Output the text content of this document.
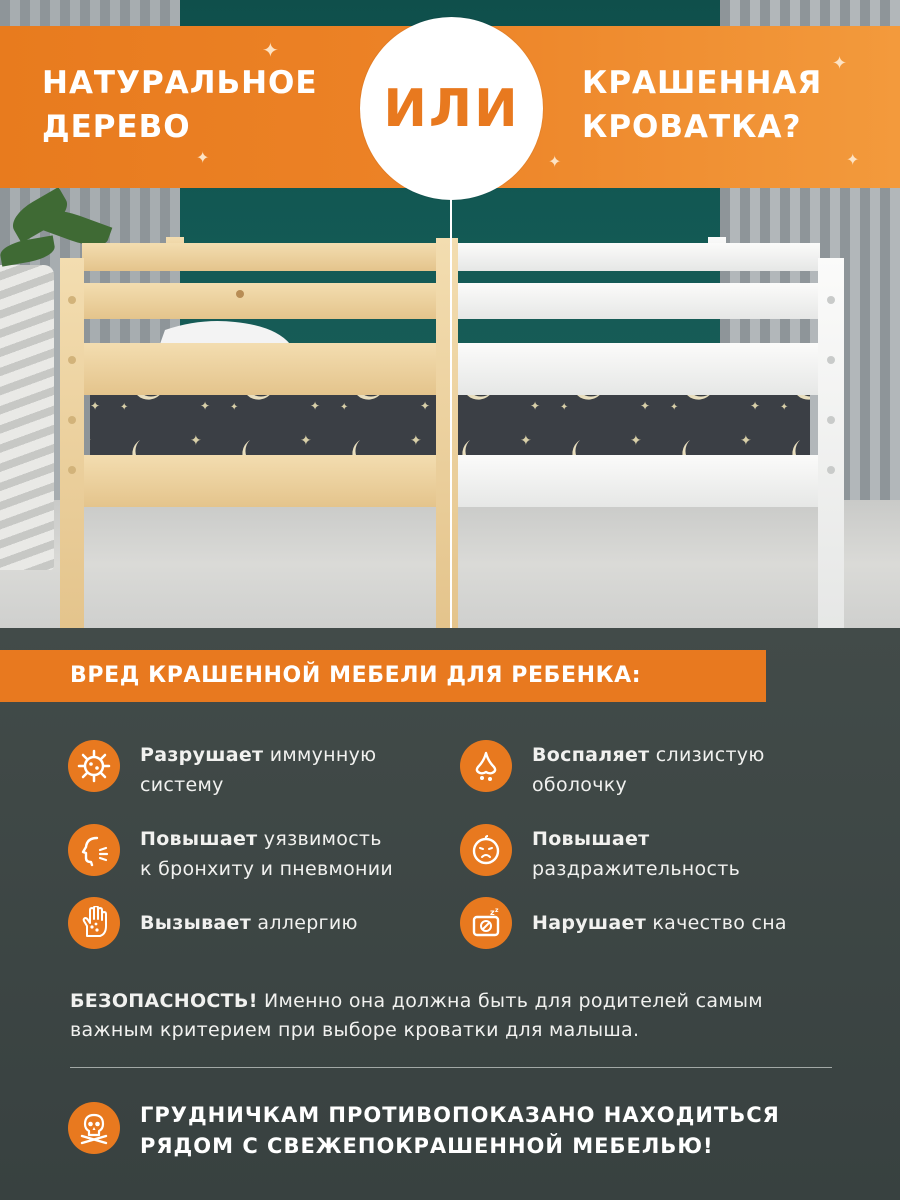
✦
✦	✦
✦
✦
НАТУРАЛЬНОЕ
ДЕРЕВО
КРАШЕННАЯ
КРОВАТКА?
ИЛИ
ВРЕД КРАШЕННОЙ МЕБЕЛИ ДЛЯ РЕБЕНКА:
Разрушает иммунную
систему
Воспаляет слизистую
оболочку
Повышает уязвимость
к бронхиту и пневмонии
Повышает
раздражительность
Вызывает аллергию	z z
Нарушает качество сна
БЕЗОПАСНОСТЬ! Именно она должна быть для родителей самым важным критерием при выборе кроватки для малыша.
ГРУДНИЧКАМ ПРОТИВОПОКАЗАНО НАХОДИТЬСЯ
РЯДОМ С СВЕЖЕПОКРАШЕННОЙ МЕБЕЛЬЮ!
